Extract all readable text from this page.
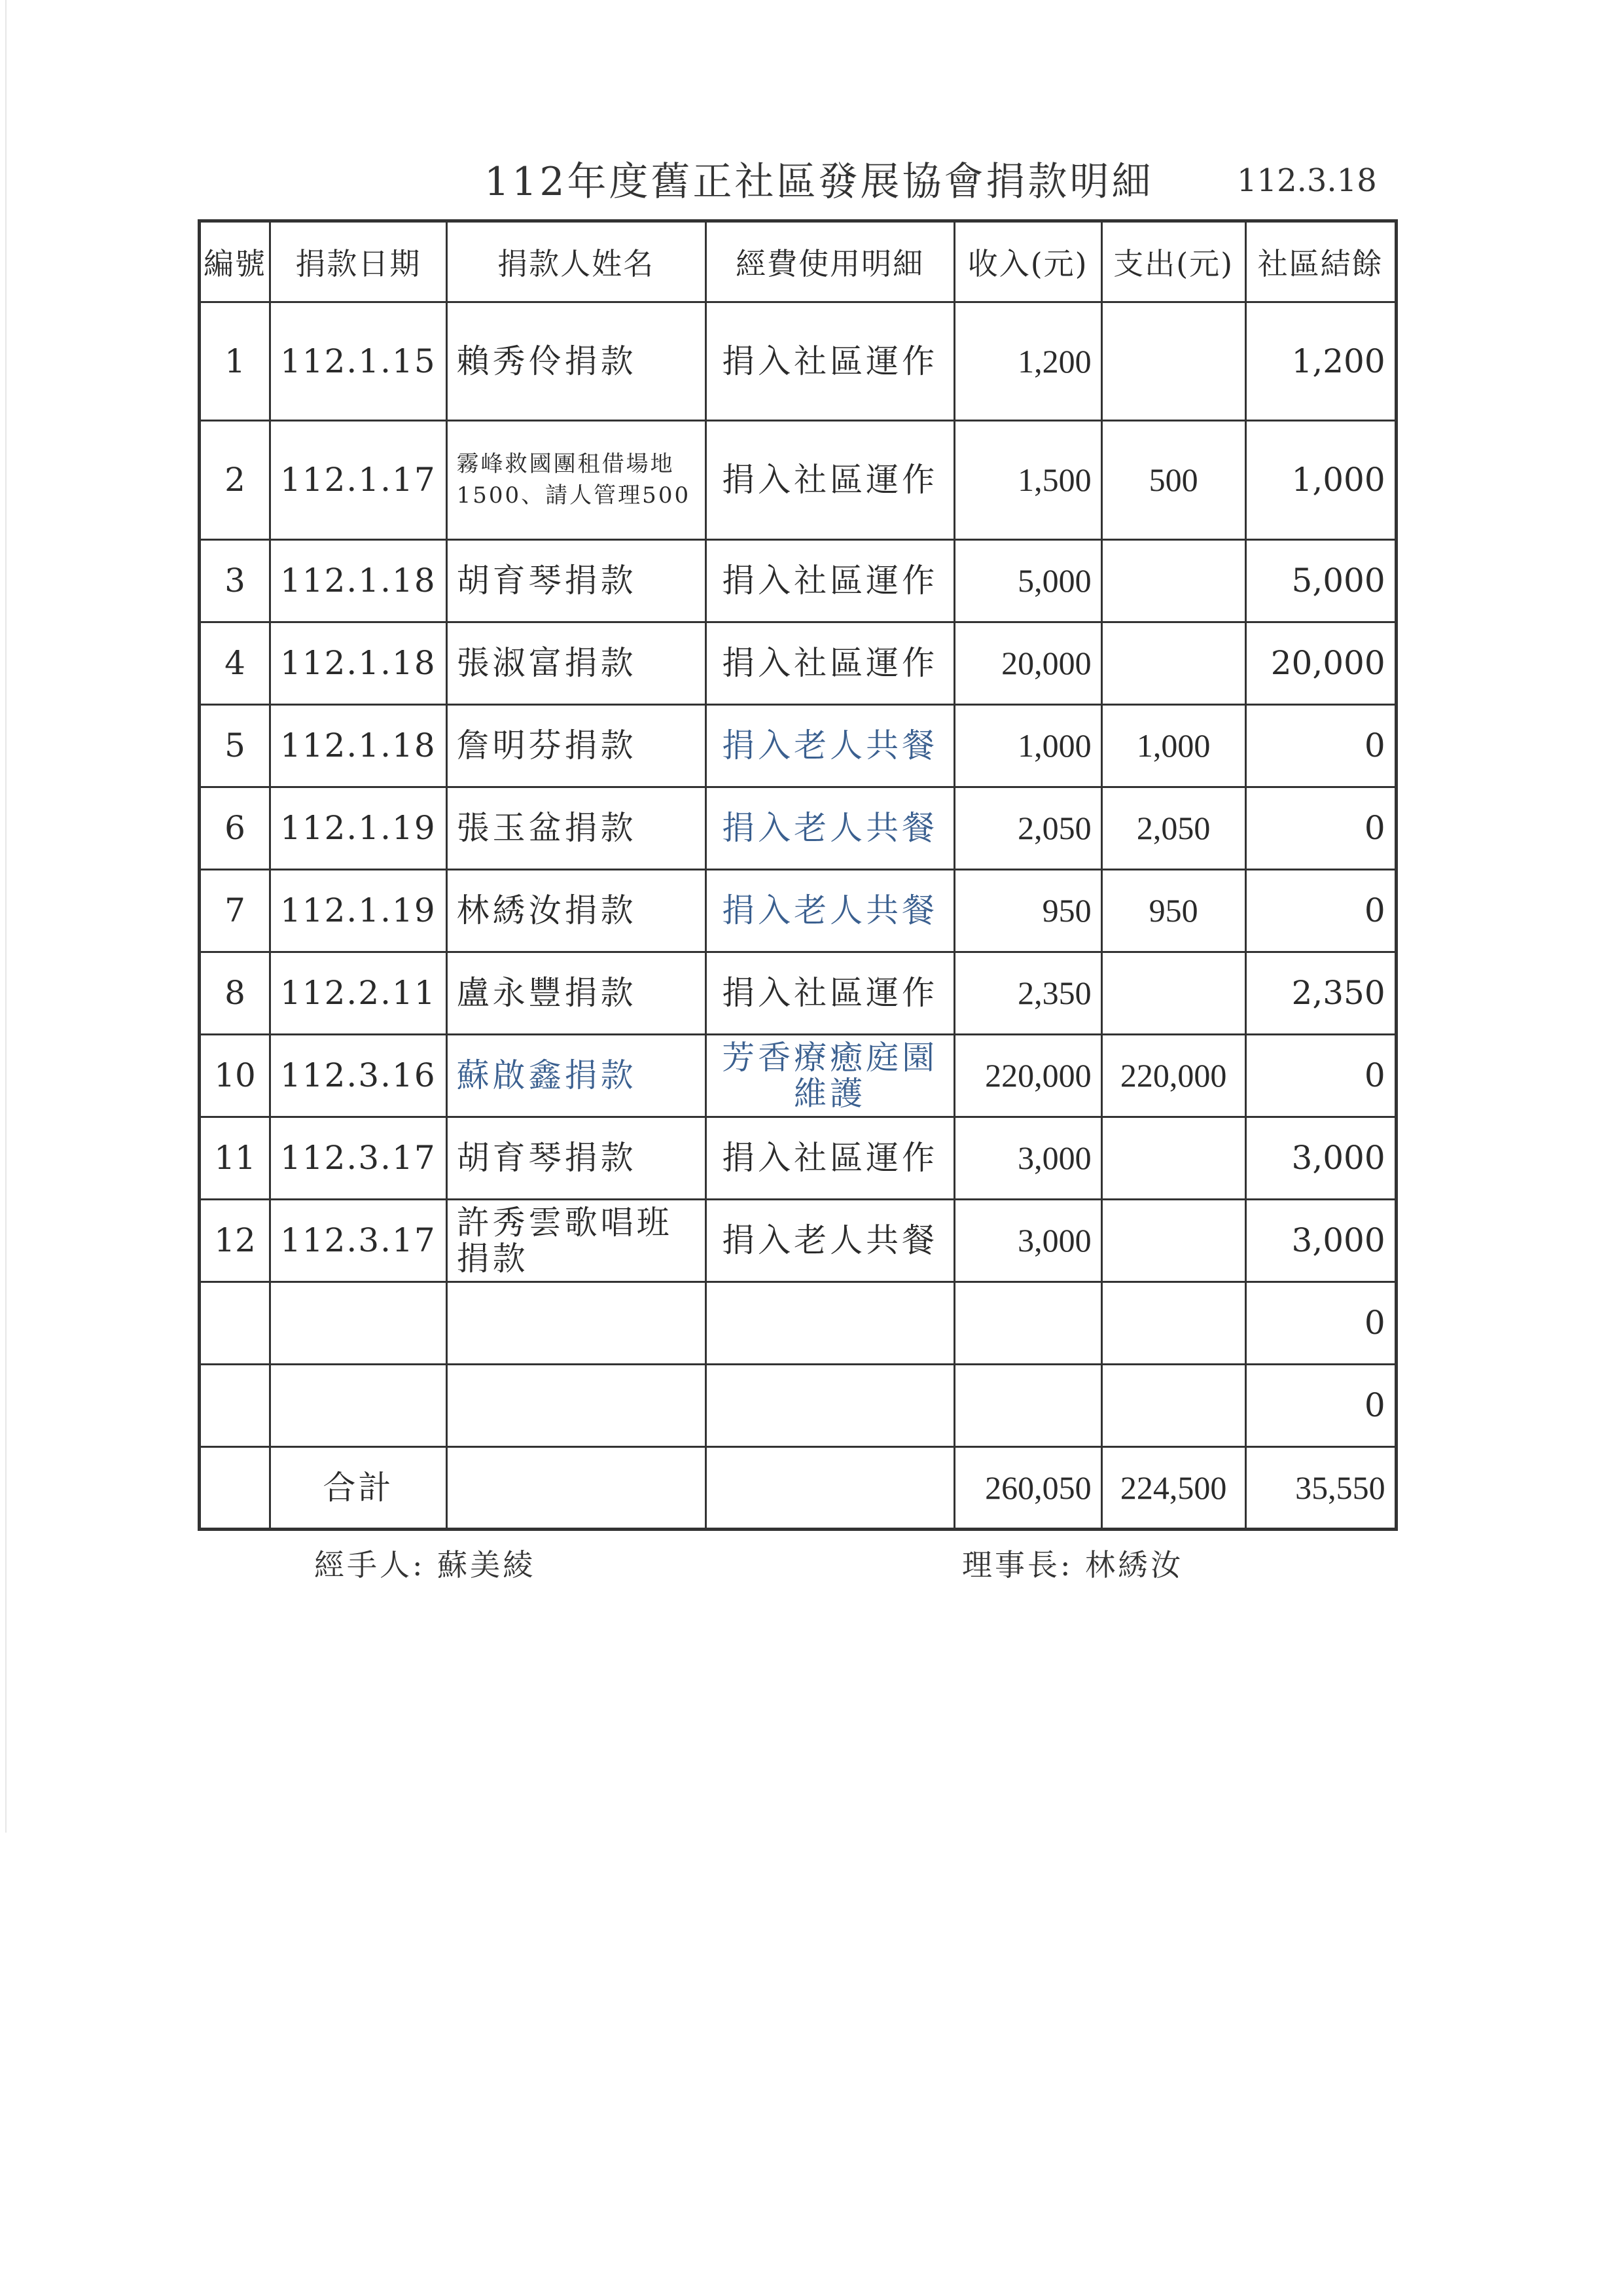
112年度舊正社區發展協會捐款明細	112.3.18
編號	捐款日期	捐款人姓名	經費使用明細	收入(元)	支出(元)	社區結餘
1	112.1.15	賴秀伶捐款	捐入社區運作	1,200		1,200
2	112.1.17	霧峰救國團租借場地1500、請人管理500	捐入社區運作	1,500	500	1,000
3	112.1.18	胡育琴捐款	捐入社區運作	5,000		5,000
4	112.1.18	張淑富捐款	捐入社區運作	20,000		20,000
5	112.1.18	詹明芬捐款	捐入老人共餐	1,000	1,000	0
6	112.1.19	張玉盆捐款	捐入老人共餐	2,050	2,050	0
7	112.1.19	林綉汝捐款	捐入老人共餐	950	950	0
8	112.2.11	盧永豐捐款	捐入社區運作	2,350		2,350
10	112.3.16	蘇啟鑫捐款	芳香療癒庭園維護	220,000	220,000	0
11	112.3.17	胡育琴捐款	捐入社區運作	3,000		3,000
12	112.3.17	許秀雲歌唱班捐款	捐入老人共餐	3,000		3,000
						0
						0
	合計			260,050	224,500	35,550
經手人: 蘇美綾	理事長: 林綉汝
